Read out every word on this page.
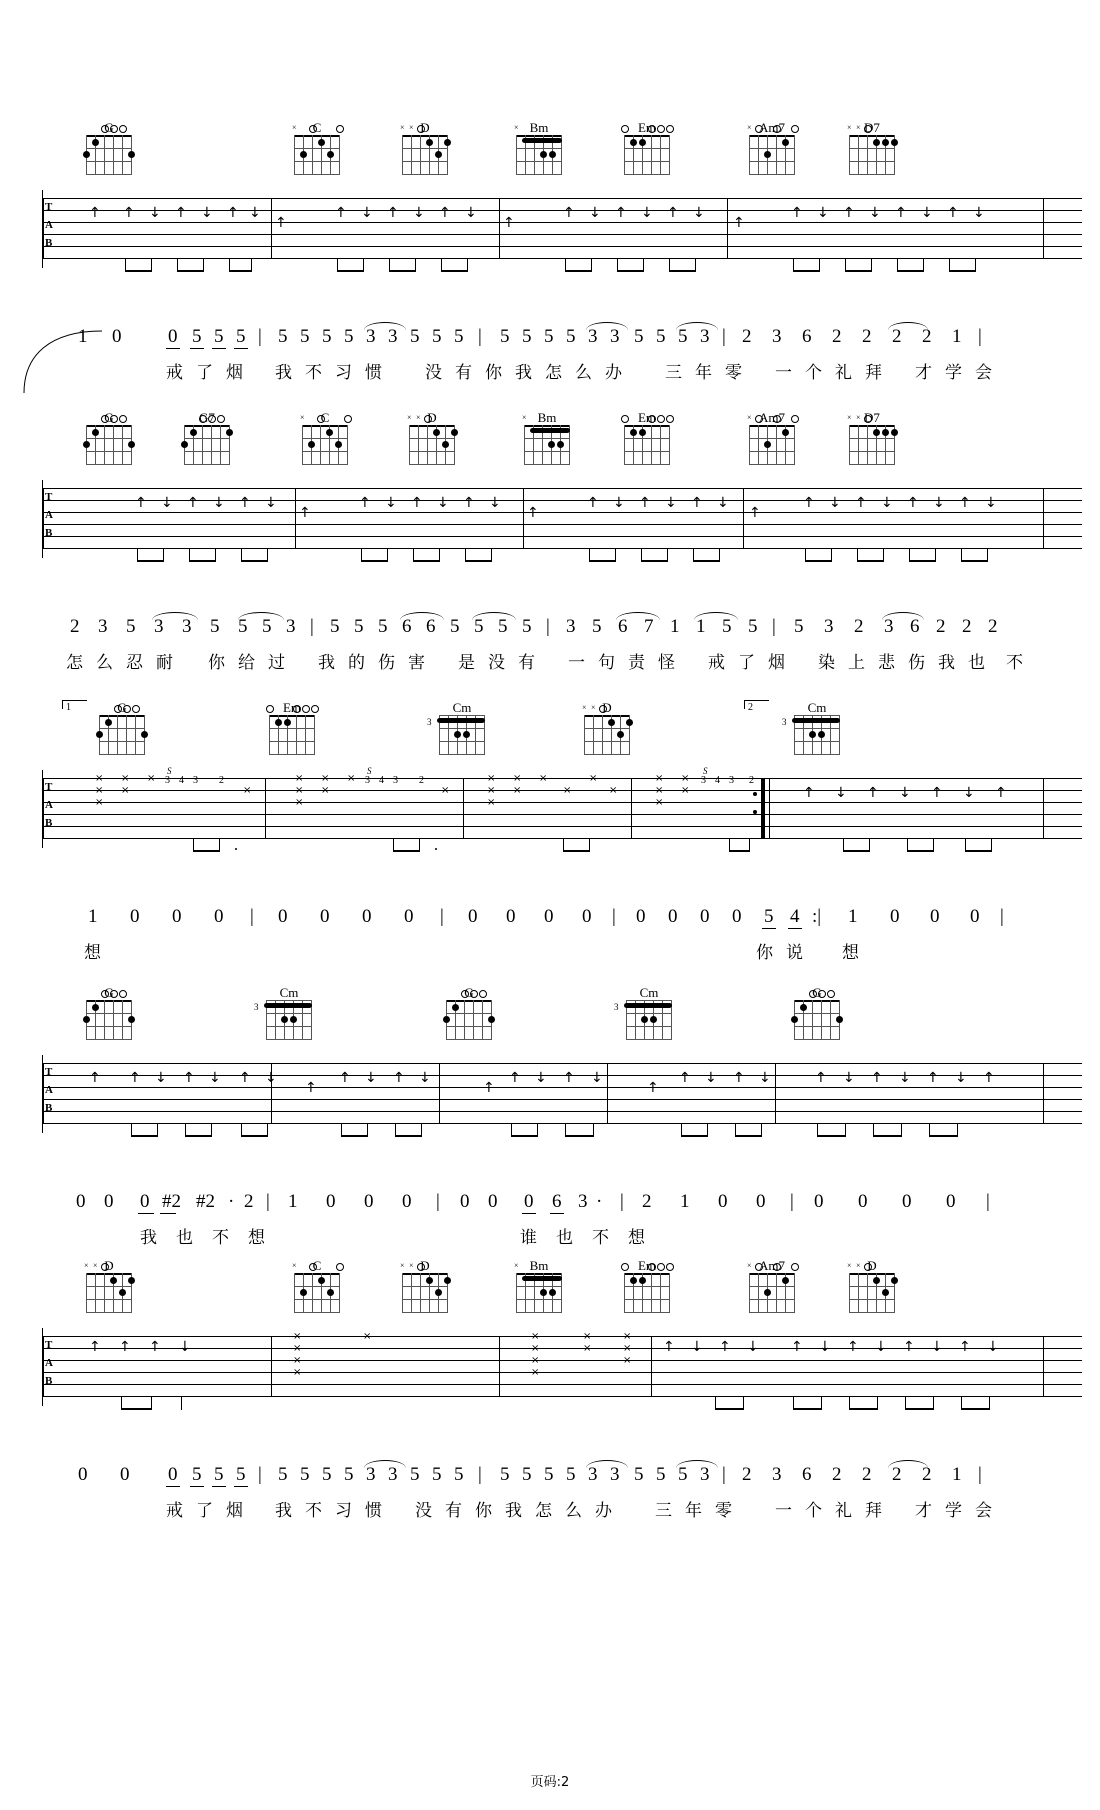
G	C
×	D
× ×	Bm
×	Em	Am7
×	D7
× ×
T
A
B
↑ ↑ ↓ ↑ ↓ ↑ ↓
↑
↑ ↓ ↑ ↓ ↑ ↓
↑
↑ ↓ ↑ ↓ ↑ ↓
↑
↑ ↓ ↑ ↓ ↑ ↓ ↑ ↓
1 0 0 5 5 5 | 5 5 5 5 3 3 5 5 5 | 5 5 5 5 3 3 5 5 5 3 | 2 3 6 2 2 2 2 1 |
戒 了 烟 我 不 习 惯	没 有 你 我 怎 么 办	三 年 零 一 个 礼 拜 才 学 会
G	G7	C
×	D
× ×	Bm
×	Em	Am7
×	D7
× ×
T
A
B
↑ ↓ ↑ ↓ ↑ ↓
↑
↑ ↓ ↑ ↓ ↑ ↓
↑
↑ ↓ ↑ ↓ ↑ ↓
↑
↑ ↓ ↑ ↓ ↑ ↓ ↑ ↓
2 3 5 3 3 5 5 5 3 | 5 5 5 6 6 5 5 5 5 | 3 5 6 7 1 1 5 5 | 5 3 2 3 6 2 2 2
怎 么 忍 耐 你 给 过 我 的 伤 害 是 没 有 一 句 责 怪 戒 了 烟 染 上 悲 伤 我 也 不
1	2
G	Em	Cm
3
D
× ×	Cm
3
T
A
B
×
×
×
×
×
×
S
3 4 3 2
×
×
×
×
×
×
×
S
3 4 3 2
×
×
×
×
×
×
×
×
×
×
×
×
×
×
×
S
3 4 3 2
↑ ↓ ↑ ↓ ↑ ↓ ↑
1 0 0 0 | 0 0 0 0 | 0 0 0 0 | 0 0 0 0 5 4 :| 1 0 0 0 |
想	你 说 想
G	Cm
3
G	Cm
3
G
T
A
B
↑ ↑ ↓ ↑ ↓ ↑ ↓
↑
↑ ↓ ↑ ↓
↑
↑ ↓ ↑ ↓
↑
↑ ↓ ↑ ↓	↑ ↓ ↑ ↓ ↑ ↓ ↑
0 0 0 #2 #2 · 2 | 1 0 0 0 | 0 0 0 6 3 · | 2 1 0 0 | 0 0 0 0 |
我 也 不 想	谁 也 不 想
D
× ×	C
×	D
× ×	Bm
×	Em	Am7
×	D
× ×
T
A
B
↑ ↑ ↑ ↓
×
×
×
×
–	–
×
×
×
×
×
×
×
×
×
×
↑ ↓ ↑ ↓ ↑ ↓ ↑ ↓ ↑ ↓ ↑ ↓
0 0 0 5 5 5 | 5 5 5 5 3 3 5 5 5 | 5 5 5 5 3 3 5 5 5 3 | 2 3 6 2 2 2 2 1 |
戒 了 烟 我 不 习 惯 没 有 你 我 怎 么 办	三 年 零	一 个 礼 拜 才 学 会
页码:2
